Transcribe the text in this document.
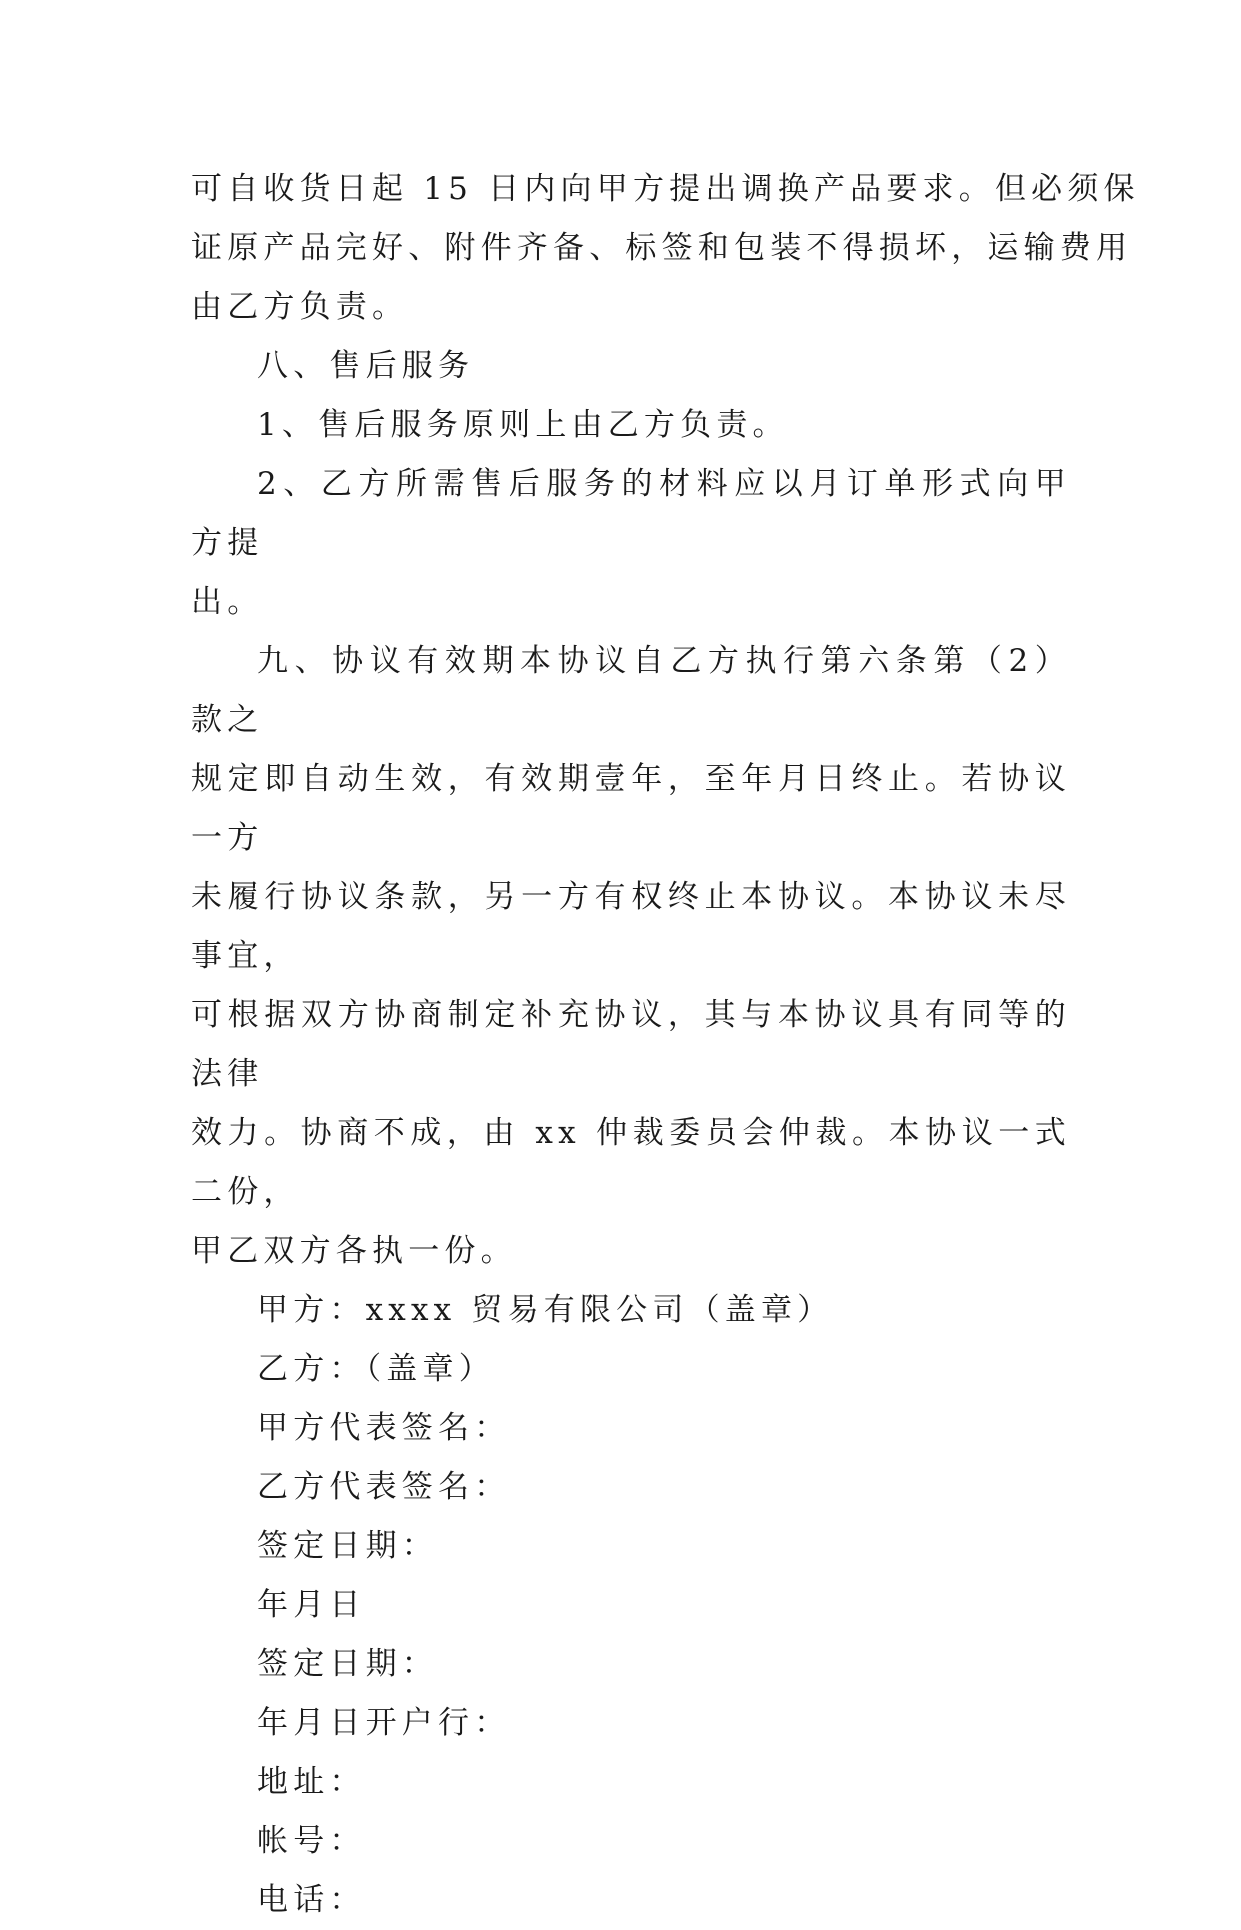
可自收货日起 15 日内向甲方提出调换产品要求。但必须保
证原产品完好、附件齐备、标签和包装不得损坏，运输费用
由乙方负责。

八、售后服务

1、售后服务原则上由乙方负责。

2、乙方所需售后服务的材料应以月订单形式向甲方提
出。

九、协议有效期本协议自乙方执行第六条第（2）款之
规定即自动生效，有效期壹年，至年月日终止。若协议一方
未履行协议条款，另一方有权终止本协议。本协议未尽事宜，
可根据双方协商制定补充协议，其与本协议具有同等的法律
效力。协商不成，由 xx 仲裁委员会仲裁。本协议一式二份，
甲乙双方各执一份。

甲方：xxxx 贸易有限公司（盖章）

乙方：（盖章）

甲方代表签名：

乙方代表签名：

签定日期：

年月日

签定日期：

年月日开户行：

地址：

帐号：

电话：
